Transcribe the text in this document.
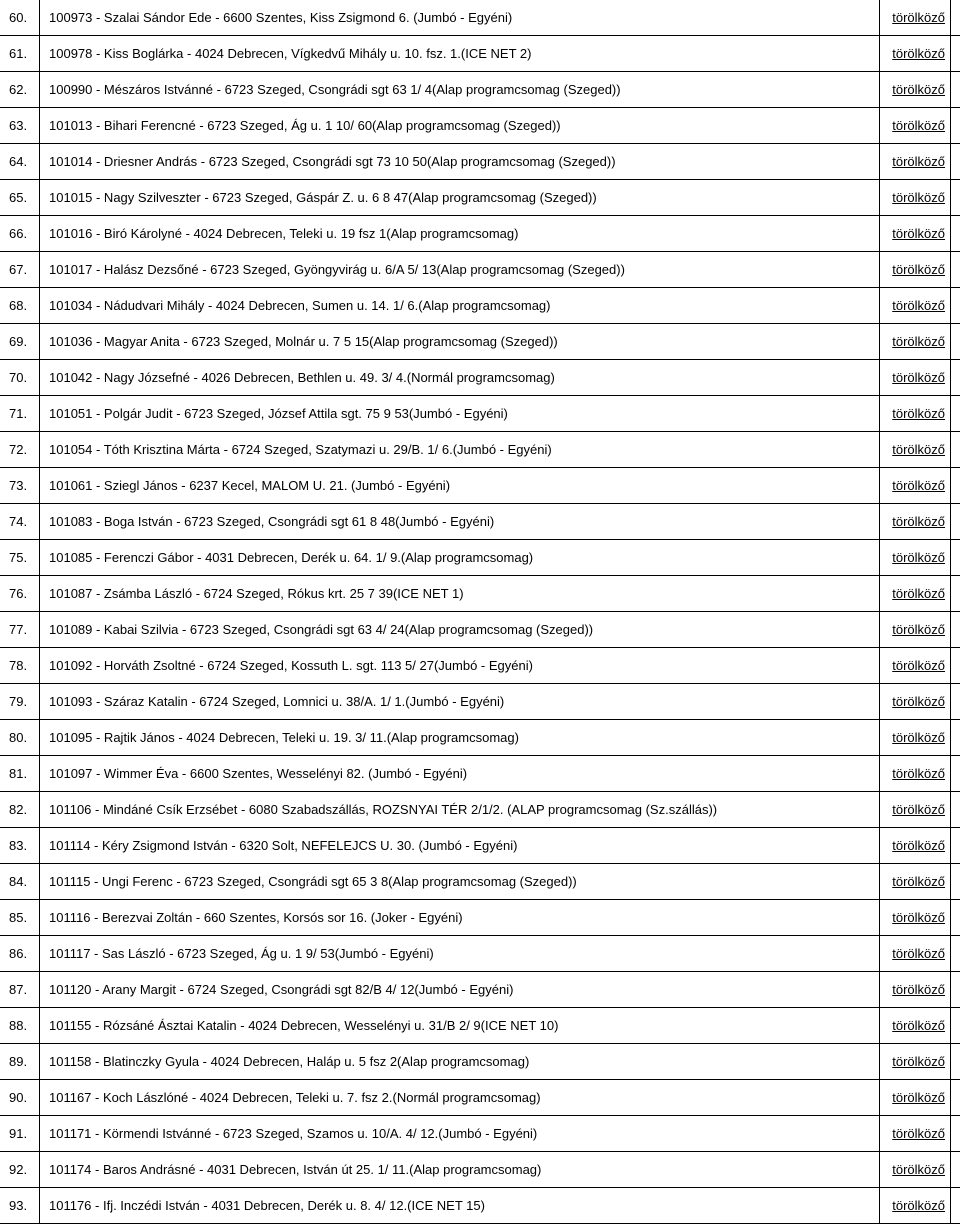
60.	100973 - Szalai Sándor Ede - 6600 Szentes, Kiss Zsigmond 6. (Jumbó - Egyéni)	törölköző
61.	100978 - Kiss Boglárka - 4024 Debrecen, Vígkedvű Mihály u. 10. fsz. 1.(ICE NET 2)	törölköző
62.	100990 - Mészáros Istvánné - 6723 Szeged, Csongrádi sgt 63 1/ 4(Alap programcsomag (Szeged))	törölköző
63.	101013 - Bihari Ferencné - 6723 Szeged, Ág u. 1 10/ 60(Alap programcsomag (Szeged))	törölköző
64.	101014 - Driesner András - 6723 Szeged, Csongrádi sgt 73 10 50(Alap programcsomag (Szeged))	törölköző
65.	101015 - Nagy Szilveszter - 6723 Szeged, Gáspár Z. u. 6 8 47(Alap programcsomag (Szeged))	törölköző
66.	101016 - Biró Károlyné - 4024 Debrecen, Teleki u. 19 fsz 1(Alap programcsomag)	törölköző
67.	101017 - Halász Dezsőné - 6723 Szeged, Gyöngyvirág u. 6/A 5/ 13(Alap programcsomag (Szeged))	törölköző
68.	101034 - Nádudvari Mihály - 4024 Debrecen, Sumen u. 14. 1/ 6.(Alap programcsomag)	törölköző
69.	101036 - Magyar Anita - 6723 Szeged, Molnár u. 7 5 15(Alap programcsomag (Szeged))	törölköző
70.	101042 - Nagy Józsefné - 4026 Debrecen, Bethlen u. 49. 3/ 4.(Normál programcsomag)	törölköző
71.	101051 - Polgár Judit - 6723 Szeged, József Attila sgt. 75 9 53(Jumbó - Egyéni)	törölköző
72.	101054 - Tóth Krisztina Márta - 6724 Szeged, Szatymazi u. 29/B. 1/ 6.(Jumbó - Egyéni)	törölköző
73.	101061 - Sziegl János - 6237 Kecel, MALOM U. 21. (Jumbó - Egyéni)	törölköző
74.	101083 - Boga István - 6723 Szeged, Csongrádi sgt 61 8 48(Jumbó - Egyéni)	törölköző
75.	101085 - Ferenczi Gábor - 4031 Debrecen, Derék u. 64. 1/ 9.(Alap programcsomag)	törölköző
76.	101087 - Zsámba László - 6724 Szeged, Rókus krt. 25 7 39(ICE NET 1)	törölköző
77.	101089 - Kabai Szilvia - 6723 Szeged, Csongrádi sgt 63 4/ 24(Alap programcsomag (Szeged))	törölköző
78.	101092 - Horváth Zsoltné - 6724 Szeged, Kossuth L. sgt. 113 5/ 27(Jumbó - Egyéni)	törölköző
79.	101093 - Száraz Katalin - 6724 Szeged, Lomnici u. 38/A. 1/ 1.(Jumbó - Egyéni)	törölköző
80.	101095 - Rajtik János - 4024 Debrecen, Teleki u. 19. 3/ 11.(Alap programcsomag)	törölköző
81.	101097 - Wimmer Éva - 6600 Szentes, Wesselényi 82. (Jumbó - Egyéni)	törölköző
82.	101106 - Mindáné Csík Erzsébet - 6080 Szabadszállás, ROZSNYAI TÉR 2/1/2. (ALAP programcsomag (Sz.szállás))	törölköző
83.	101114 - Kéry Zsigmond István - 6320 Solt, NEFELEJCS U. 30. (Jumbó - Egyéni)	törölköző
84.	101115 - Ungi Ferenc - 6723 Szeged, Csongrádi sgt 65 3 8(Alap programcsomag (Szeged))	törölköző
85.	101116 - Berezvai Zoltán - 660 Szentes, Korsós sor 16. (Joker - Egyéni)	törölköző
86.	101117 - Sas László - 6723 Szeged, Ág u. 1 9/ 53(Jumbó - Egyéni)	törölköző
87.	101120 - Arany Margit - 6724 Szeged, Csongrádi sgt 82/B 4/ 12(Jumbó - Egyéni)	törölköző
88.	101155 - Rózsáné Ásztai Katalin - 4024 Debrecen, Wesselényi u. 31/B 2/ 9(ICE NET 10)	törölköző
89.	101158 - Blatinczky Gyula - 4024 Debrecen, Haláp u. 5 fsz 2(Alap programcsomag)	törölköző
90.	101167 - Koch Lászlóné - 4024 Debrecen, Teleki u. 7. fsz 2.(Normál programcsomag)	törölköző
91.	101171 - Körmendi Istvánné - 6723 Szeged, Szamos u. 10/A. 4/ 12.(Jumbó - Egyéni)	törölköző
92.	101174 - Baros Andrásné - 4031 Debrecen, István út 25. 1/ 11.(Alap programcsomag)	törölköző
93.	101176 - Ifj. Inczédi István - 4031 Debrecen, Derék u. 8. 4/ 12.(ICE NET 15)	törölköző
